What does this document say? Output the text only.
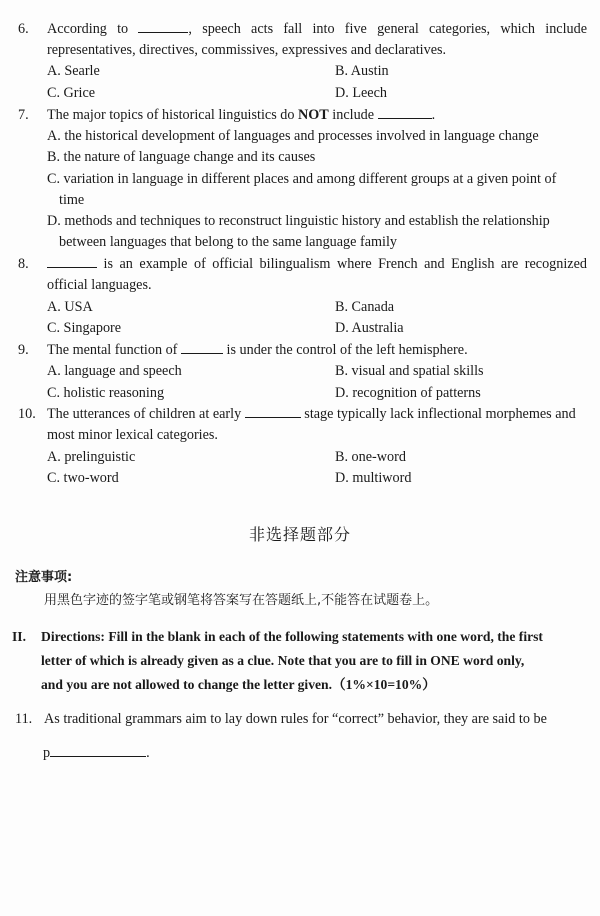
6. According to	, speech acts fall into five general categories, which include
representatives, directives, commissives, expressives and declaratives.
A. Searle	B. Austin
C. Grice	D. Leech
7. The major topics of historical linguistics do NOT include	.
A. the historical development of languages and processes involved in language change
B. the nature of language change and its causes
C. variation in language in different places and among different groups at a given point of
time
D. methods and techniques to reconstruct linguistic history and establish the relationship
between languages that belong to the same language family
8.	is an example of official bilingualism where French and English are recognized
official languages.
A. USA	B. Canada
C. Singapore	D. Australia
9. The mental function of	is under the control of the left hemisphere.
A. language and speech	B. visual and spatial skills
C. holistic reasoning	D. recognition of patterns
10. The utterances of children at early	stage typically lack inflectional morphemes and
most minor lexical categories.
A. prelinguistic	B. one-word
C. two-word	D. multiword
非选择题部分
注意事项:
用黑色字迹的签字笔或钢笔将答案写在答题纸上,不能答在试题卷上。
II. Directions: Fill in the blank in each of the following statements with one word, the first
letter of which is already given as a clue. Note that you are to fill in ONE word only,
and you are not allowed to change the letter given.（1%×10=10%）
11. As traditional grammars aim to lay down rules for “correct” behavior, they are said to be
p	.
